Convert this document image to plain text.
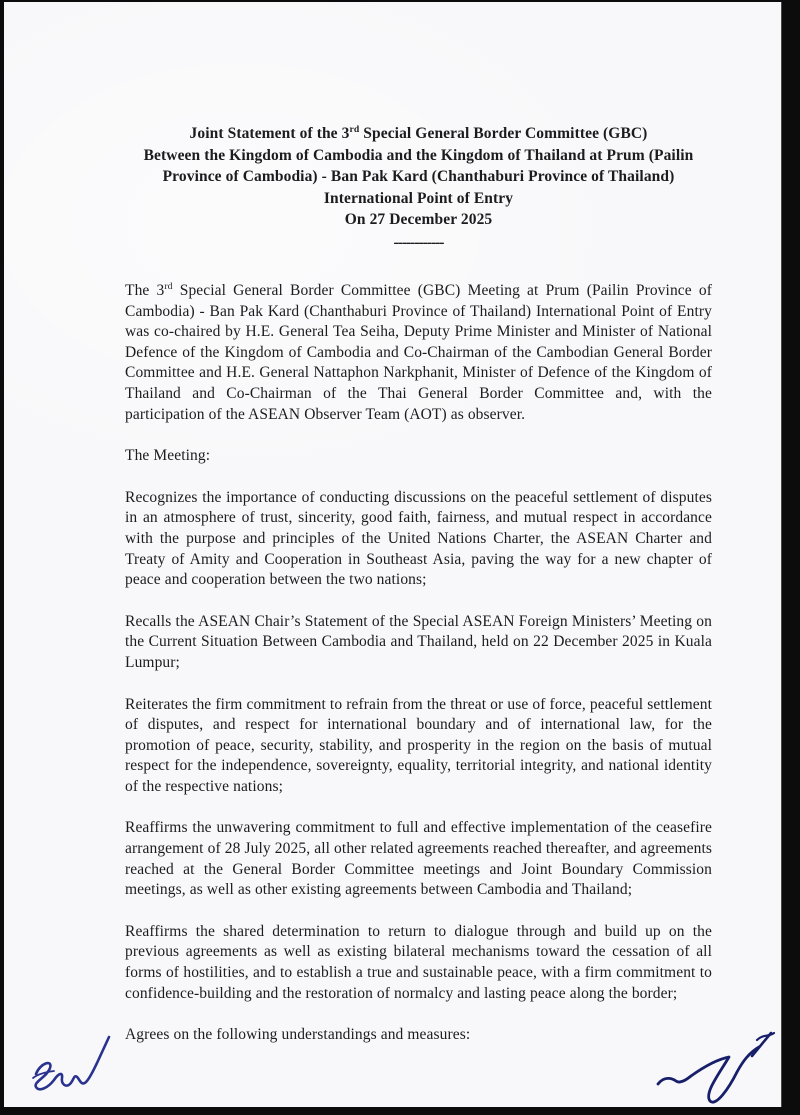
Joint Statement of the 3rd Special General Border Committee (GBC)
Between the Kingdom of Cambodia and the Kingdom of Thailand at Prum (Pailin
Province of Cambodia) - Ban Pak Kard (Chanthaburi Province of Thailand)
International Point of Entry
On 27 December 2025
------------

The 3rd Special General Border Committee (GBC) Meeting at Prum (Pailin Province of Cambodia) - Ban Pak Kard (Chanthaburi Province of Thailand) International Point of Entry was co-chaired by H.E. General Tea Seiha, Deputy Prime Minister and Minister of National Defence of the Kingdom of Cambodia and Co-Chairman of the Cambodian General Border Committee and H.E. General Nattaphon Narkphanit, Minister of Defence of the Kingdom of Thailand and Co-Chairman of the Thai General Border Committee and, with the participation of the ASEAN Observer Team (AOT) as observer.

The Meeting:

Recognizes the importance of conducting discussions on the peaceful settlement of disputes in an atmosphere of trust, sincerity, good faith, fairness, and mutual respect in accordance with the purpose and principles of the United Nations Charter, the ASEAN Charter and Treaty of Amity and Cooperation in Southeast Asia, paving the way for a new chapter of peace and cooperation between the two nations;

Recalls the ASEAN Chair’s Statement of the Special ASEAN Foreign Ministers’ Meeting on the Current Situation Between Cambodia and Thailand, held on 22 December 2025 in Kuala Lumpur;

Reiterates the firm commitment to refrain from the threat or use of force, peaceful settlement of disputes, and respect for international boundary and of international law, for the promotion of peace, security, stability, and prosperity in the region on the basis of mutual respect for the independence, sovereignty, equality, territorial integrity, and national identity of the respective nations;

Reaffirms the unwavering commitment to full and effective implementation of the ceasefire arrangement of 28 July 2025, all other related agreements reached thereafter, and agreements reached at the General Border Committee meetings and Joint Boundary Commission meetings, as well as other existing agreements between Cambodia and Thailand;

Reaffirms the shared determination to return to dialogue through and build up on the previous agreements as well as existing bilateral mechanisms toward the cessation of all forms of hostilities, and to establish a true and sustainable peace, with a firm commitment to confidence-building and the restoration of normalcy and lasting peace along the border;

Agrees on the following understandings and measures:
